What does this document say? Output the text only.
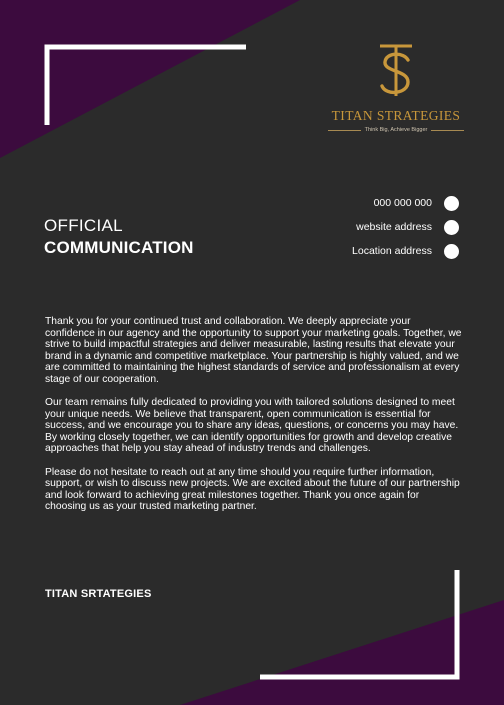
TITAN STRATEGIES
Think Big, Achieve Bigger
000 000 000
website address
Location address
OFFICIAL
COMMUNICATION

Thank you for your continued trust and collaboration. We deeply appreciate your confidence in our agency and the opportunity to support your marketing goals. Together, we strive to build impactful strategies and deliver measurable, lasting results that elevate your brand in a dynamic and competitive marketplace. Your partnership is highly valued, and we are committed to maintaining the highest standards of service and professionalism at every stage of our cooperation.

Our team remains fully dedicated to providing you with tailored solutions designed to meet your unique needs. We believe that transparent, open communication is essential for success, and we encourage you to share any ideas, questions, or concerns you may have. By working closely together, we can identify opportunities for growth and develop creative approaches that help you stay ahead of industry trends and challenges.

Please do not hesitate to reach out at any time should you require further information, support, or wish to discuss new projects. We are excited about the future of our partnership and look forward to achieving great milestones together. Thank you once again for choosing us as your trusted marketing partner.

TITAN SRTATEGIES
